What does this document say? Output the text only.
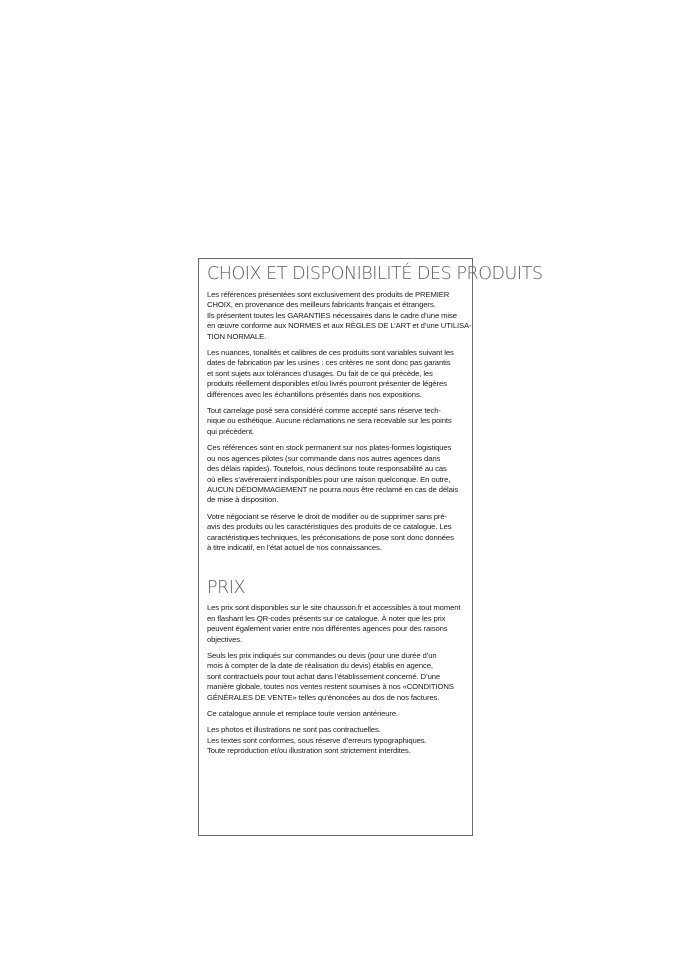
CHOIX ET DISPONIBILITÉ DES PRODUITS

Les références présentées sont exclusivement des produits de PREMIER
CHOIX, en provenance des meilleurs fabricants français et étrangers.
Ils présentent toutes les GARANTIES nécessaires dans le cadre d’une mise
en œuvre conforme aux NORMES et aux RÈGLES DE L’ART et d’une UTILISA-
TION NORMALE.

Les nuances, tonalités et calibres de ces produits sont variables suivant les
dates de fabrication par les usines : ces critères ne sont donc pas garantis
et sont sujets aux tolérances d’usages. Du fait de ce qui précède, les
produits réellement disponibles et/ou livrés pourront présenter de légères
différences avec les échantillons présentés dans nos expositions.

Tout carrelage posé sera considéré comme accepté sans réserve tech-
nique ou esthétique. Aucune réclamations ne sera recevable sur les points
qui précèdent.

Ces références sont en stock permanent sur nos plates-formes logistiques
ou nos agences pilotes (sur commande dans nos autres agences dans
des délais rapides). Toutefois, nous déclinons toute responsabilité au cas
où elles s’avéreraient indisponibles pour une raison quelconque. En outre,
AUCUN DÉDOMMAGEMENT ne pourra nous être réclamé en cas de délais
de mise à disposition.

Votre négociant se réserve le droit de modifier ou de supprimer sans pré-
avis des produits ou les caractéristiques des produits de ce catalogue. Les
caractéristiques techniques, les préconisations de pose sont donc données
à titre indicatif, en l’état actuel de nos connaissances.

PRIX

Les prix sont disponibles sur le site chausson.fr et accessibles à tout moment
en flashant les QR-codes présents sur ce catalogue. À noter que les prix
peuvent également varier entre nos différentes agences pour des raisons
objectives.

Seuls les prix indiqués sur commandes ou devis (pour une durée d’un
mois à compter de la date de réalisation du devis) établis en agence,
sont contractuels pour tout achat dans l’établissement concerné. D’une
manière globale, toutes nos ventes restent soumises à nos «CONDITIONS
GÉNÉRALES DE VENTE» telles qu’énoncées au dos de nos factures.

Ce catalogue annule et remplace toute version antérieure.

Les photos et illustrations ne sont pas contractuelles.
Les textes sont conformes, sous réserve d’erreurs typographiques.
Toute reproduction et/ou illustration sont strictement interdites.
